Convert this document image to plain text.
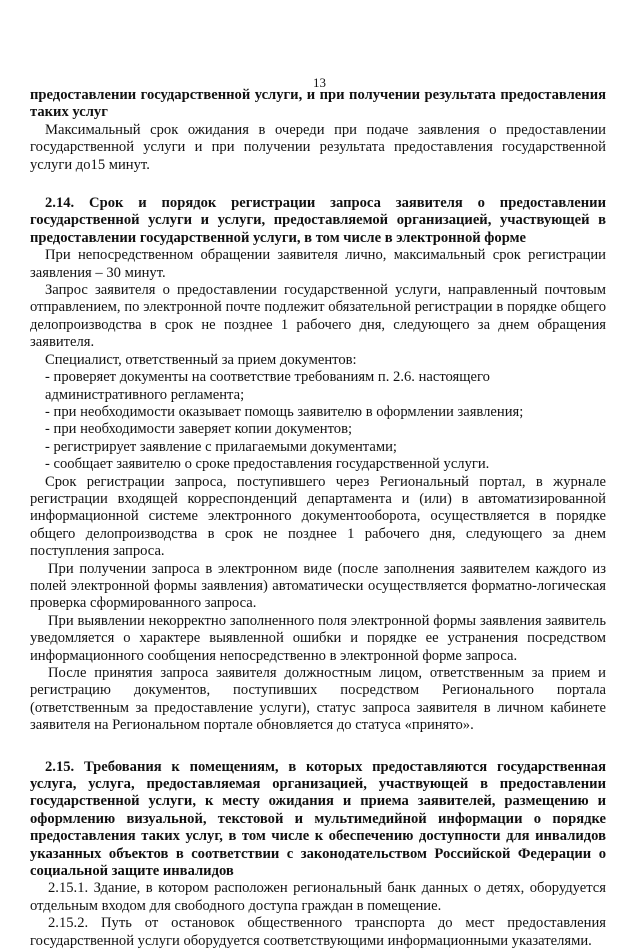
13

предоставлении государственной услуги, и при получении результата предоставления таких услуг

Максимальный срок ожидания в очереди при подаче заявления о предоставлении государственной услуги и при получении результата предоставления государственной услуги до15 минут.

2.14. Срок и порядок регистрации запроса заявителя о предоставлении государственной услуги и услуги, предоставляемой организацией, участвующей в предоставлении государственной услуги, в том числе в электронной форме

При непосредственном обращении заявителя лично, максимальный срок регистрации заявления – 30 минут.

Запрос заявителя о предоставлении государственной услуги, направленный почтовым отправлением, по электронной почте подлежит обязательной регистрации в порядке общего делопроизводства в срок не позднее 1 рабочего дня, следующего за днем обращения заявителя.

Специалист, ответственный за прием документов:

- проверяет документы на соответствие требованиям п. 2.6. настоящего административного регламента;

- при необходимости оказывает помощь заявителю в оформлении заявления;

- при необходимости заверяет копии документов;

- регистрирует заявление с прилагаемыми документами;

- сообщает заявителю о сроке предоставления государственной услуги.

Срок регистрации запроса, поступившего через Региональный портал, в журнале регистрации входящей корреспонденций департамента и (или) в автоматизированной информационной системе электронного документооборота, осуществляется в порядке общего делопроизводства в срок не позднее 1 рабочего дня, следующего за днем поступления запроса.

При получении запроса в электронном виде (после заполнения заявителем каждого из полей электронной формы заявления) автоматически осуществляется форматно-логическая проверка сформированного запроса.

При выявлении некорректно заполненного поля электронной формы заявления заявитель уведомляется о характере выявленной ошибки и порядке ее устранения посредством информационного сообщения непосредственно в электронной форме запроса.

После принятия запроса заявителя должностным лицом, ответственным за прием и регистрацию документов, поступивших посредством Регионального портала (ответственным за предоставление услуги), статус запроса заявителя в личном кабинете заявителя на Региональном портале обновляется до статуса «принято».

2.15. Требования к помещениям, в которых предоставляются государственная услуга, услуга, предоставляемая организацией, участвующей в предоставлении государственной услуги, к месту ожидания и приема заявителей, размещению и оформлению визуальной, текстовой и мультимедийной информации о порядке предоставления таких услуг, в том числе к обеспечению доступности для инвалидов указанных объектов в соответствии с законодательством Российской Федерации о социальной защите инвалидов

2.15.1. Здание, в котором расположен региональный банк данных о детях, оборудуется отдельным входом для свободного доступа граждан в помещение.

2.15.2. Путь от остановок общественного транспорта до мест предоставления государственной услуги оборудуется соответствующими информационными указателями.
